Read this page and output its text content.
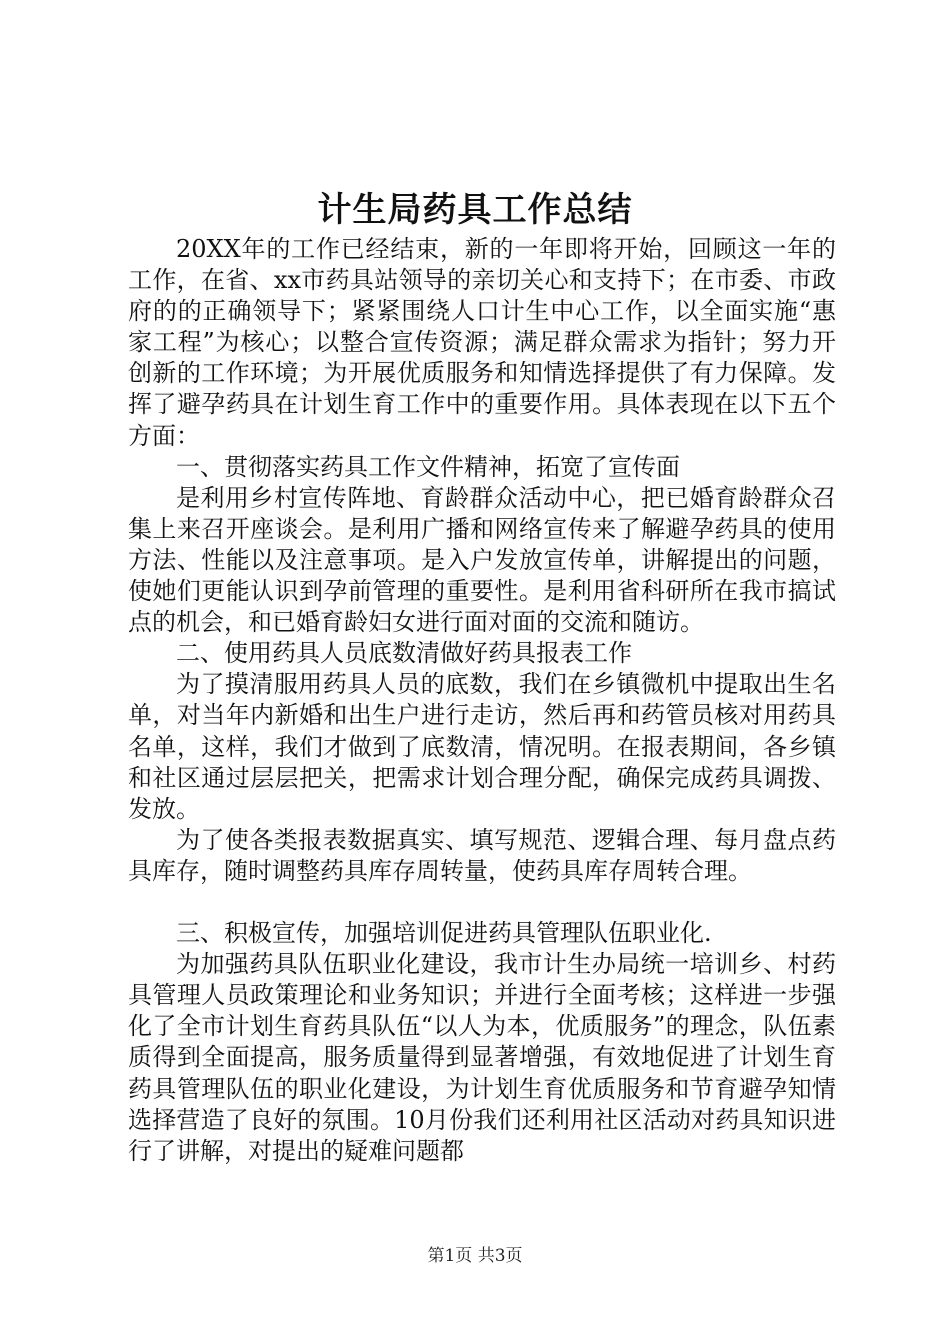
计生局药具工作总结

20XX年的工作已经结束，新的一年即将开始，回顾这一年的工作，在省、xx市药具站领导的亲切关心和支持下；在市委、市政府的的正确领导下；紧紧围绕人口计生中心工作，以全面实施“惠家工程”为核心；以整合宣传资源；满足群众需求为指针；努力开创新的工作环境；为开展优质服务和知情选择提供了有力保障。发挥了避孕药具在计划生育工作中的重要作用。具体表现在以下五个方面：

一、贯彻落实药具工作文件精神，拓宽了宣传面

是利用乡村宣传阵地、育龄群众活动中心，把已婚育龄群众召集上来召开座谈会。是利用广播和网络宣传来了解避孕药具的使用方法、性能以及注意事项。是入户发放宣传单，讲解提出的问题，使她们更能认识到孕前管理的重要性。是利用省科研所在我市搞试点的机会，和已婚育龄妇女进行面对面的交流和随访。

二、使用药具人员底数清做好药具报表工作

为了摸清服用药具人员的底数，我们在乡镇微机中提取出生名单，对当年内新婚和出生户进行走访，然后再和药管员核对用药具名单，这样，我们才做到了底数清，情况明。在报表期间，各乡镇和社区通过层层把关，把需求计划合理分配，确保完成药具调拨、发放。

为了使各类报表数据真实、填写规范、逻辑合理、每月盘点药具库存，随时调整药具库存周转量，使药具库存周转合理。

三、积极宣传，加强培训促进药具管理队伍职业化.

为加强药具队伍职业化建设，我市计生办局统一培训乡、村药具管理人员政策理论和业务知识；并进行全面考核；这样进一步强化了全市计划生育药具队伍“以人为本，优质服务”的理念，队伍素质得到全面提高，服务质量得到显著增强，有效地促进了计划生育药具管理队伍的职业化建设，为计划生育优质服务和节育避孕知情选择营造了良好的氛围。10月份我们还利用社区活动对药具知识进行了讲解，对提出的疑难问题都

第1页 共3页
